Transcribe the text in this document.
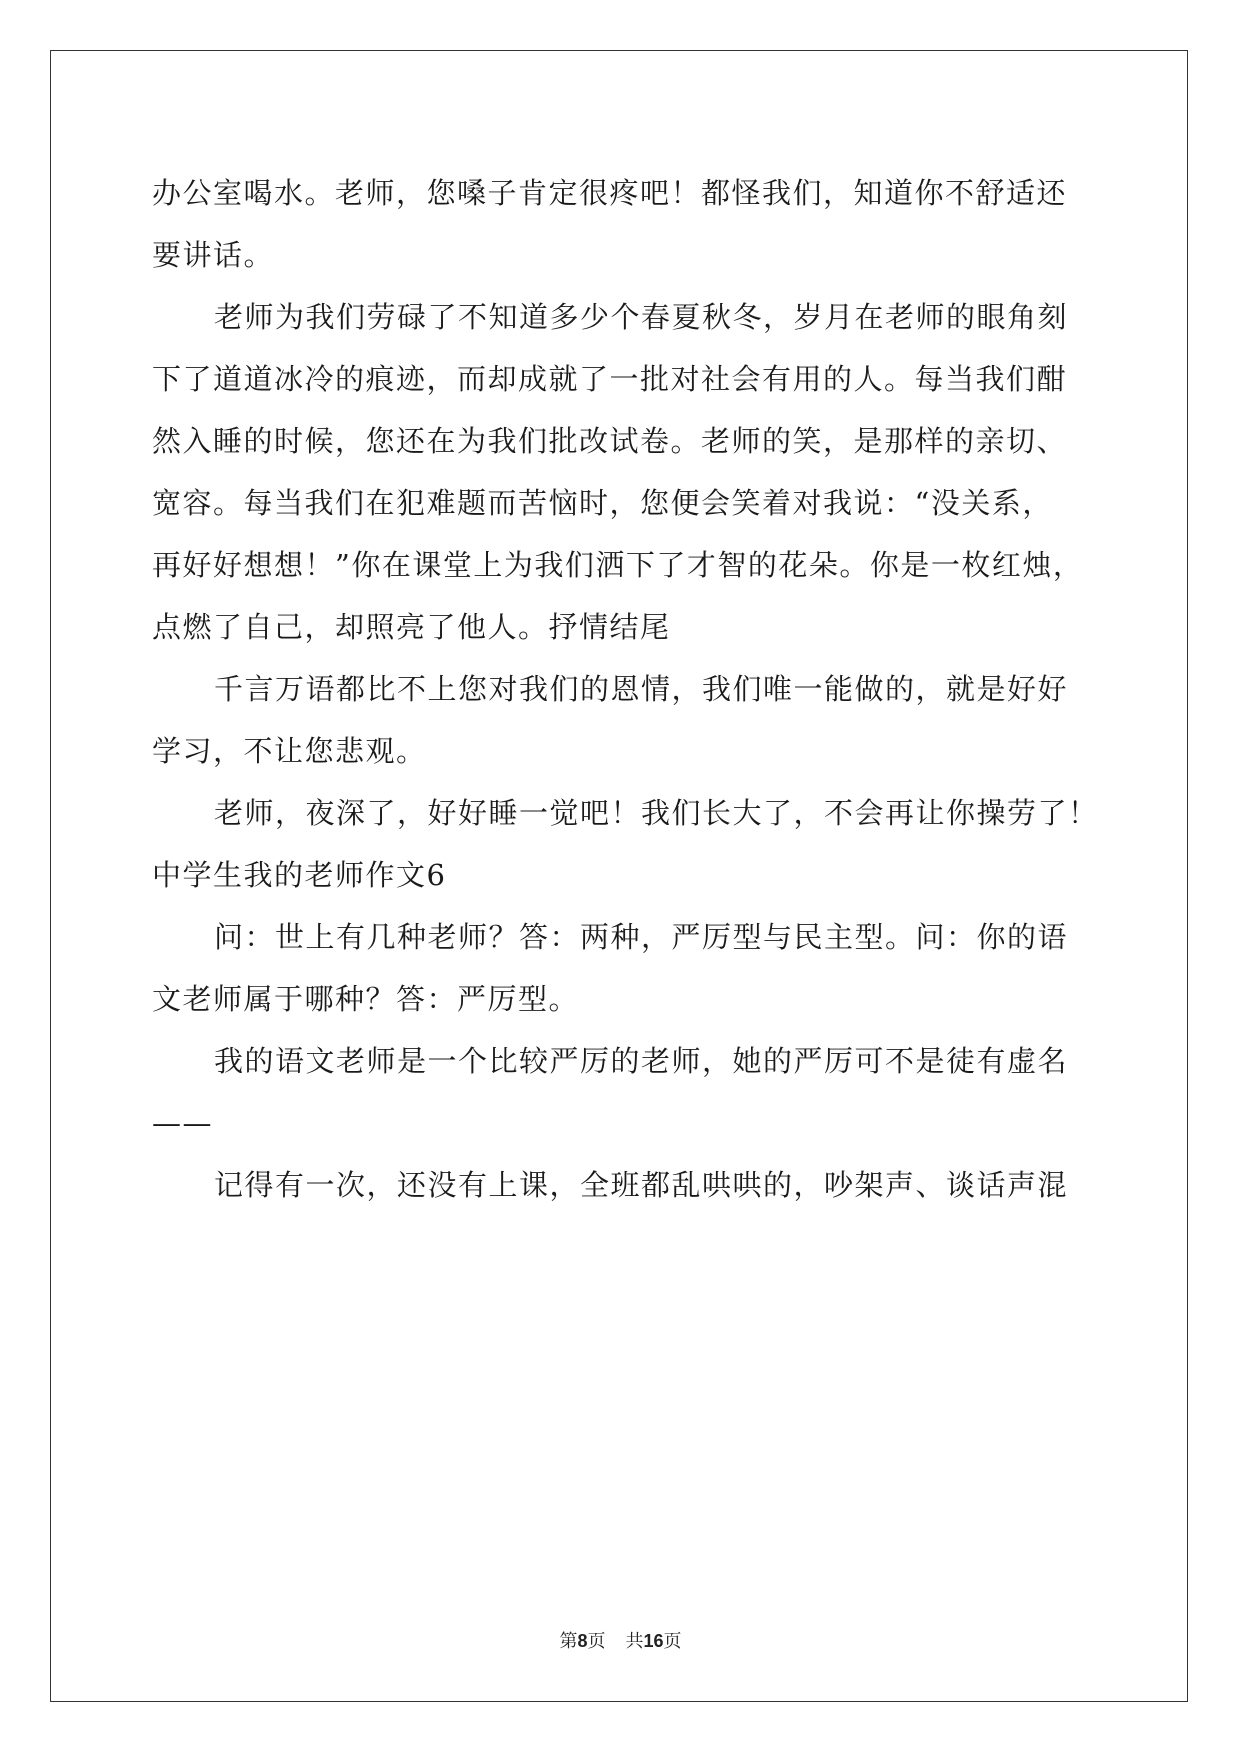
办公室喝水。老师，您嗓子肯定很疼吧！都怪我们，知道你不舒适还

要讲话。

老师为我们劳碌了不知道多少个春夏秋冬，岁月在老师的眼角刻

下了道道冰冷的痕迹，而却成就了一批对社会有用的人。每当我们酣

然入睡的时候，您还在为我们批改试卷。老师的笑，是那样的亲切、

宽容。每当我们在犯难题而苦恼时，您便会笑着对我说：“没关系，

再好好想想！”你在课堂上为我们洒下了才智的花朵。你是一枚红烛，

点燃了自己，却照亮了他人。抒情结尾

千言万语都比不上您对我们的恩情，我们唯一能做的，就是好好

学习，不让您悲观。

老师，夜深了，好好睡一觉吧！我们长大了，不会再让你操劳了！

中学生我的老师作文6

问：世上有几种老师？答：两种，严厉型与民主型。问：你的语

文老师属于哪种？答：严厉型。

我的语文老师是一个比较严厉的老师，她的严厉可不是徒有虚名

——

记得有一次，还没有上课，全班都乱哄哄的，吵架声、谈话声混

第8页 共16页
